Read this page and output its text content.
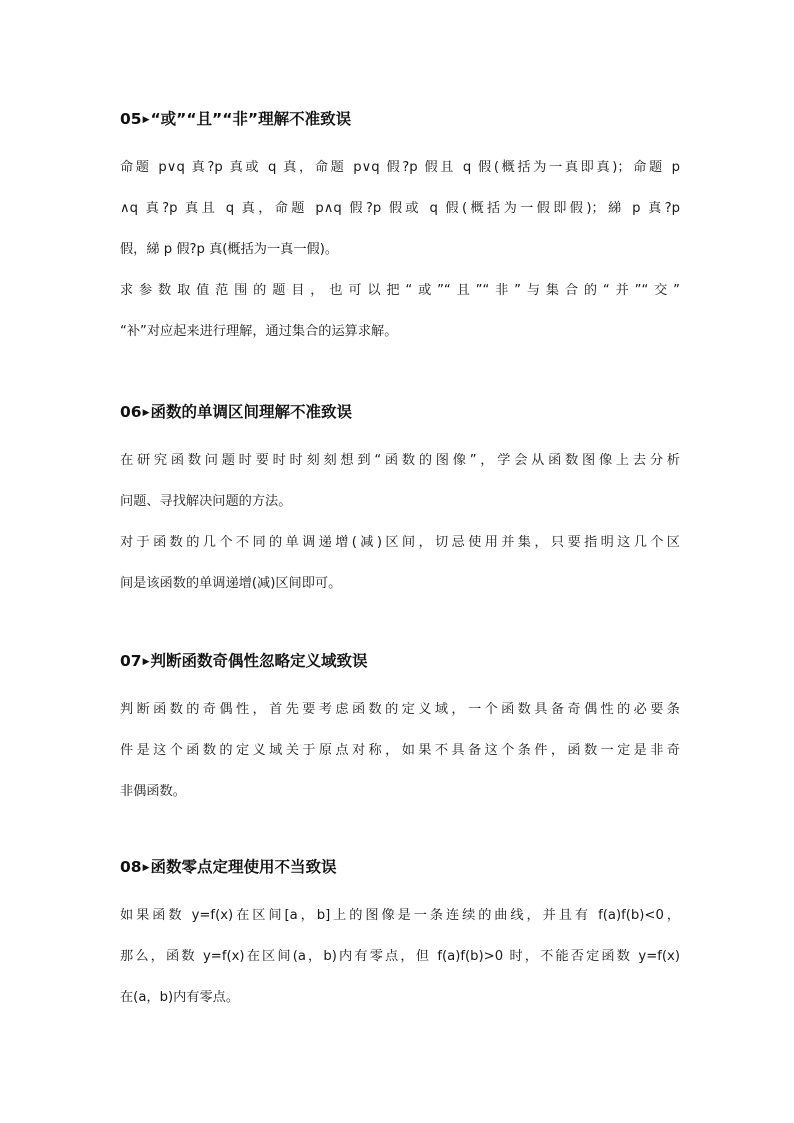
05▶“或”“且”“非”理解不准致误
命题 p∨q 真?p 真或 q 真，命题 p∨q 假?p 假且 q 假(概括为一真即真)；命题 p
∧q 真?p 真且 q 真，命题 p∧q 假?p 假或 q 假(概括为一假即假)；綈 p 真?p
假，綈 p 假?p 真(概括为一真一假)。
求参数取值范围的题目，也可以把“或”“且”“非”与集合的“并”“交”
“补”对应起来进行理解，通过集合的运算求解。
06▶函数的单调区间理解不准致误
在研究函数问题时要时时刻刻想到“函数的图像”，学会从函数图像上去分析
问题、寻找解决问题的方法。
对于函数的几个不同的单调递增(减)区间，切忌使用并集，只要指明这几个区
间是该函数的单调递增(减)区间即可。
07▶判断函数奇偶性忽略定义域致误
判断函数的奇偶性，首先要考虑函数的定义域，一个函数具备奇偶性的必要条
件是这个函数的定义域关于原点对称，如果不具备这个条件，函数一定是非奇
非偶函数。
08▶函数零点定理使用不当致误
如果函数 y=f(x)在区间[a，b]上的图像是一条连续的曲线，并且有 f(a)f(b)<0，
那么，函数 y=f(x)在区间(a，b)内有零点，但 f(a)f(b)>0 时，不能否定函数 y=f(x)
在(a，b)内有零点。
